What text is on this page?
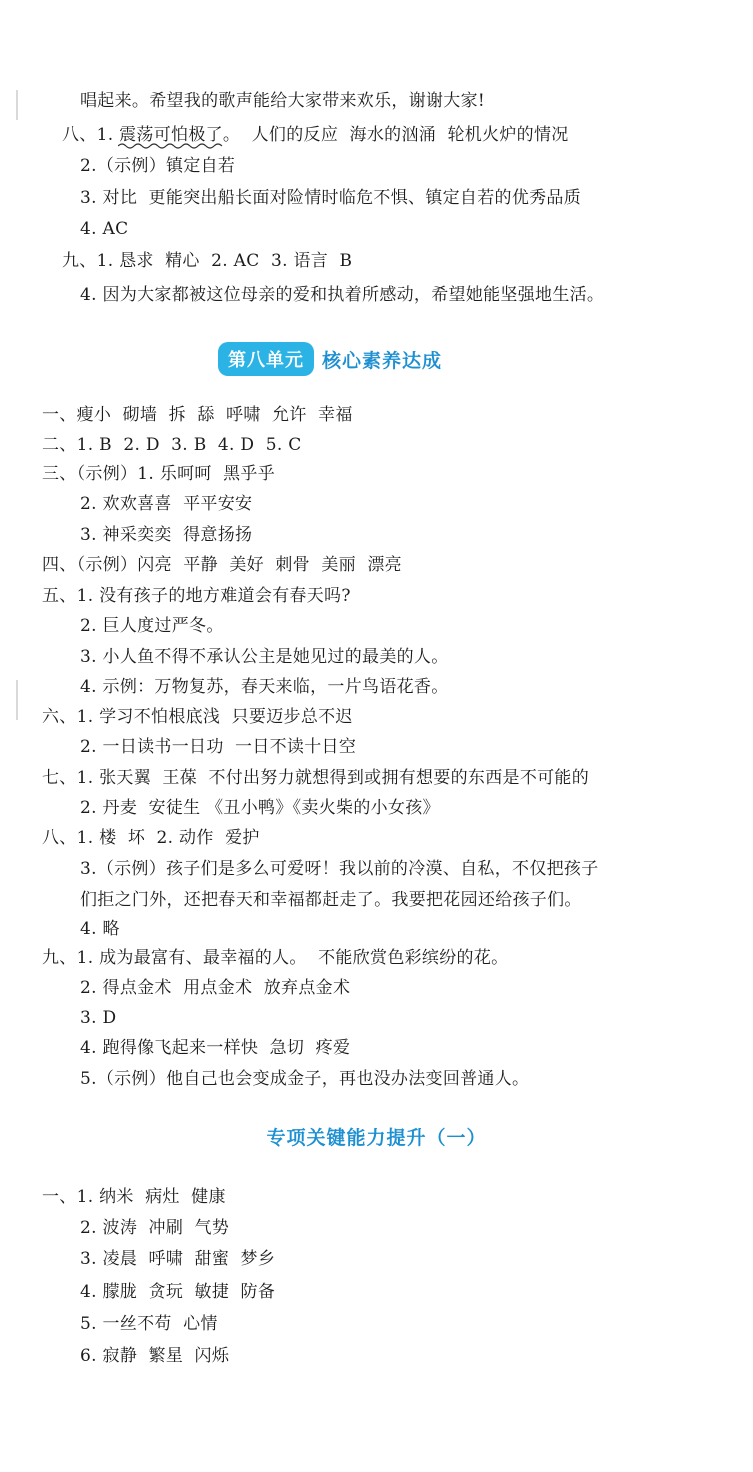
唱起来。希望我的歌声能给大家带来欢乐，谢谢大家!
八、1. 震荡可怕极了。  人们的反应  海水的汹涌  轮机火炉的情况
2.（示例）镇定自若
3. 对比  更能突出船长面对险情时临危不惧、镇定自若的优秀品质
4. AC
九、1. 恳求  精心  2. AC  3. 语言  B
4. 因为大家都被这位母亲的爱和执着所感动，希望她能坚强地生活。
第八单元 核心素养达成
一、瘦小  砌墙  拆  舔  呼啸  允许  幸福
二、1. B  2. D  3. B  4. D  5. C
三、（示例）1. 乐呵呵  黑乎乎
2. 欢欢喜喜  平平安安
3. 神采奕奕  得意扬扬
四、（示例）闪亮  平静  美好  刺骨  美丽  漂亮
五、1. 没有孩子的地方难道会有春天吗?
2. 巨人度过严冬。
3. 小人鱼不得不承认公主是她见过的最美的人。
4. 示例：万物复苏，春天来临，一片鸟语花香。
六、1. 学习不怕根底浅  只要迈步总不迟
2. 一日读书一日功  一日不读十日空
七、1. 张天翼  王葆  不付出努力就想得到或拥有想要的东西是不可能的
2. 丹麦  安徒生 《丑小鸭》《卖火柴的小女孩》
八、1. 楼  坏  2. 动作  爱护
3.（示例）孩子们是多么可爱呀！我以前的冷漠、自私，不仅把孩子
们拒之门外，还把春天和幸福都赶走了。我要把花园还给孩子们。
4. 略
九、1. 成为最富有、最幸福的人。  不能欣赏色彩缤纷的花。
2. 得点金术  用点金术  放弃点金术
3. D
4. 跑得像飞起来一样快  急切  疼爱
5.（示例）他自己也会变成金子，再也没办法变回普通人。
专项关键能力提升（一）
一、1. 纳米  病灶  健康
2. 波涛  冲刷  气势
3. 凌晨  呼啸  甜蜜  梦乡
4. 朦胧  贪玩  敏捷  防备
5. 一丝不苟  心情
6. 寂静  繁星  闪烁
